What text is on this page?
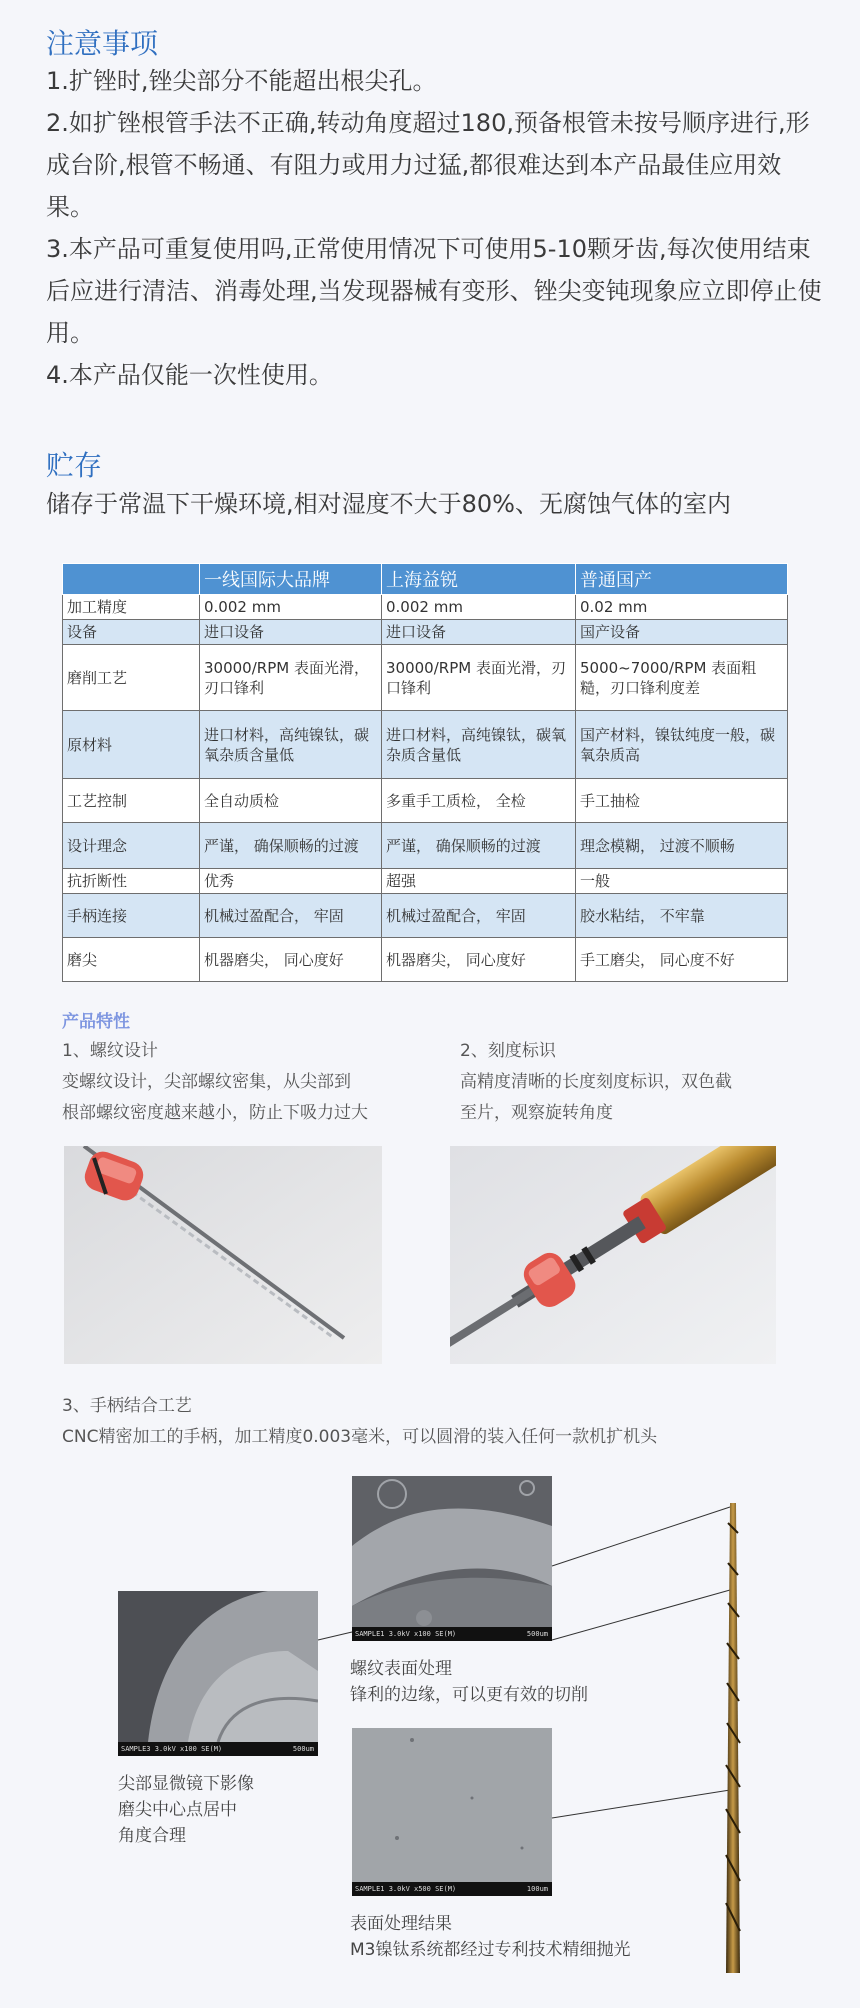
注意事项

1.扩锉时,锉尖部分不能超出根尖孔。

2.如扩锉根管手法不正确,转动角度超过180,预备根管未按号顺序进行,形成台阶,根管不畅通、有阻力或用力过猛,都很难达到本产品最佳应用效果。

3.本产品可重复使用吗,正常使用情况下可使用5-10颗牙齿,每次使用结束后应进行清洁、消毒处理,当发现器械有变形、锉尖变钝现象应立即停止使用。

4.本产品仅能一次性使用。

贮存
储存于常温下干燥环境,相对湿度不大于80%、无腐蚀气体的室内
	一线国际大品牌	上海益锐	普通国产
加工精度	0.002 mm	0.002 mm	0.02 mm
设备	进口设备	进口设备	国产设备
磨削工艺	30000/RPM 表面光滑，刃口锋利	30000/RPM 表面光滑，刃口锋利	5000~7000/RPM 表面粗糙，刃口锋利度差
原材料	进口材料，高纯镍钛，碳氧杂质含量低	进口材料，高纯镍钛，碳氧杂质含量低	国产材料，镍钛纯度一般，碳氧杂质高
工艺控制	全自动质检	多重手工质检， 全检	手工抽检
设计理念	严谨， 确保顺畅的过渡	严谨， 确保顺畅的过渡	理念模糊， 过渡不顺畅
抗折断性	优秀	超强	一般
手柄连接	机械过盈配合， 牢固	机械过盈配合， 牢固	胶水粘结， 不牢靠
磨尖	机器磨尖， 同心度好	机器磨尖， 同心度好	手工磨尖， 同心度不好
产品特性
1、螺纹设计
变螺纹设计，尖部螺纹密集，从尖部到
根部螺纹密度越来越小，防止下吸力过大
2、刻度标识
高精度清晰的长度刻度标识，双色截
至片，观察旋转角度
3、手柄结合工艺
CNC精密加工的手柄，加工精度0.003毫米，可以圆滑的装入任何一款机扩机头
SAMPLE1 3.0kV x100 SE(M)	500um
SAMPLE3 3.0kV x100 SE(M)	500um
SAMPLE1 3.0kV x500 SE(M)	100um
螺纹表面处理
锋利的边缘，可以更有效的切削
尖部显微镜下影像
磨尖中心点居中
角度合理
表面处理结果
M3镍钛系统都经过专利技术精细抛光
